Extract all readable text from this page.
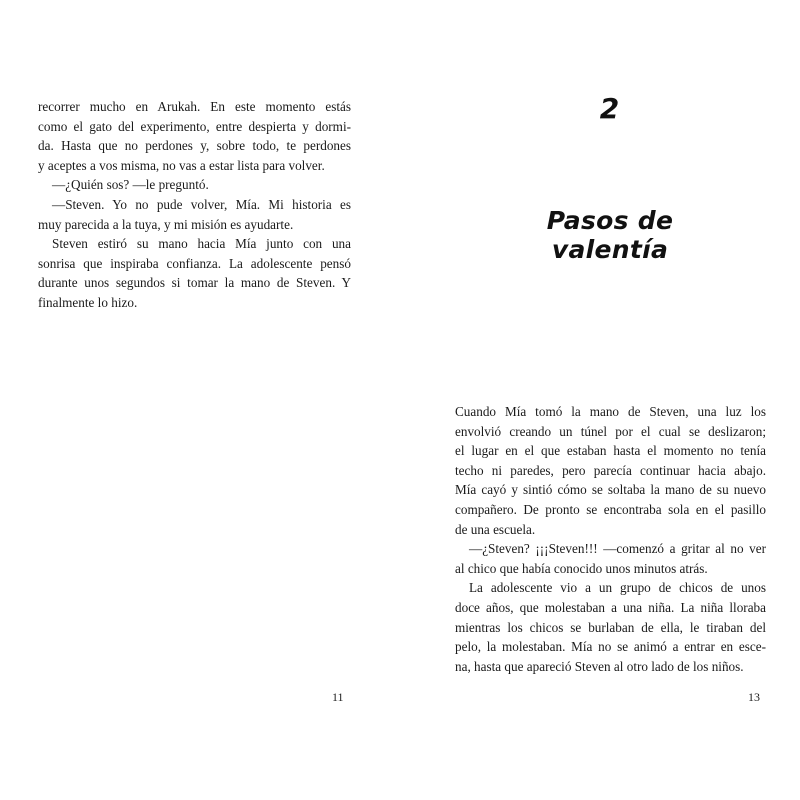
recorrer mucho en Arukah. En este momento estás
como el gato del experimento, entre despierta y dormi-
da. Hasta que no perdones y, sobre todo, te perdones
y aceptes a vos misma, no vas a estar lista para volver.
—¿Quién sos? —le preguntó.
—Steven. Yo no pude volver, Mía. Mi historia es
muy parecida a la tuya, y mi misión es ayudarte.
Steven estiró su mano hacia Mía junto con una
sonrisa que inspiraba confianza. La adolescente pensó
durante unos segundos si tomar la mano de Steven. Y
finalmente lo hizo.
11
2
Pasos de valentía
Cuando Mía tomó la mano de Steven, una luz los
envolvió creando un túnel por el cual se deslizaron;
el lugar en el que estaban hasta el momento no tenía
techo ni paredes, pero parecía continuar hacia abajo.
Mía cayó y sintió cómo se soltaba la mano de su nuevo
compañero. De pronto se encontraba sola en el pasillo
de una escuela.
—¿Steven? ¡¡¡Steven!!! —comenzó a gritar al no ver
al chico que había conocido unos minutos atrás.
La adolescente vio a un grupo de chicos de unos
doce años, que molestaban a una niña. La niña lloraba
mientras los chicos se burlaban de ella, le tiraban del
pelo, la molestaban. Mía no se animó a entrar en esce-
na, hasta que apareció Steven al otro lado de los niños.
13
